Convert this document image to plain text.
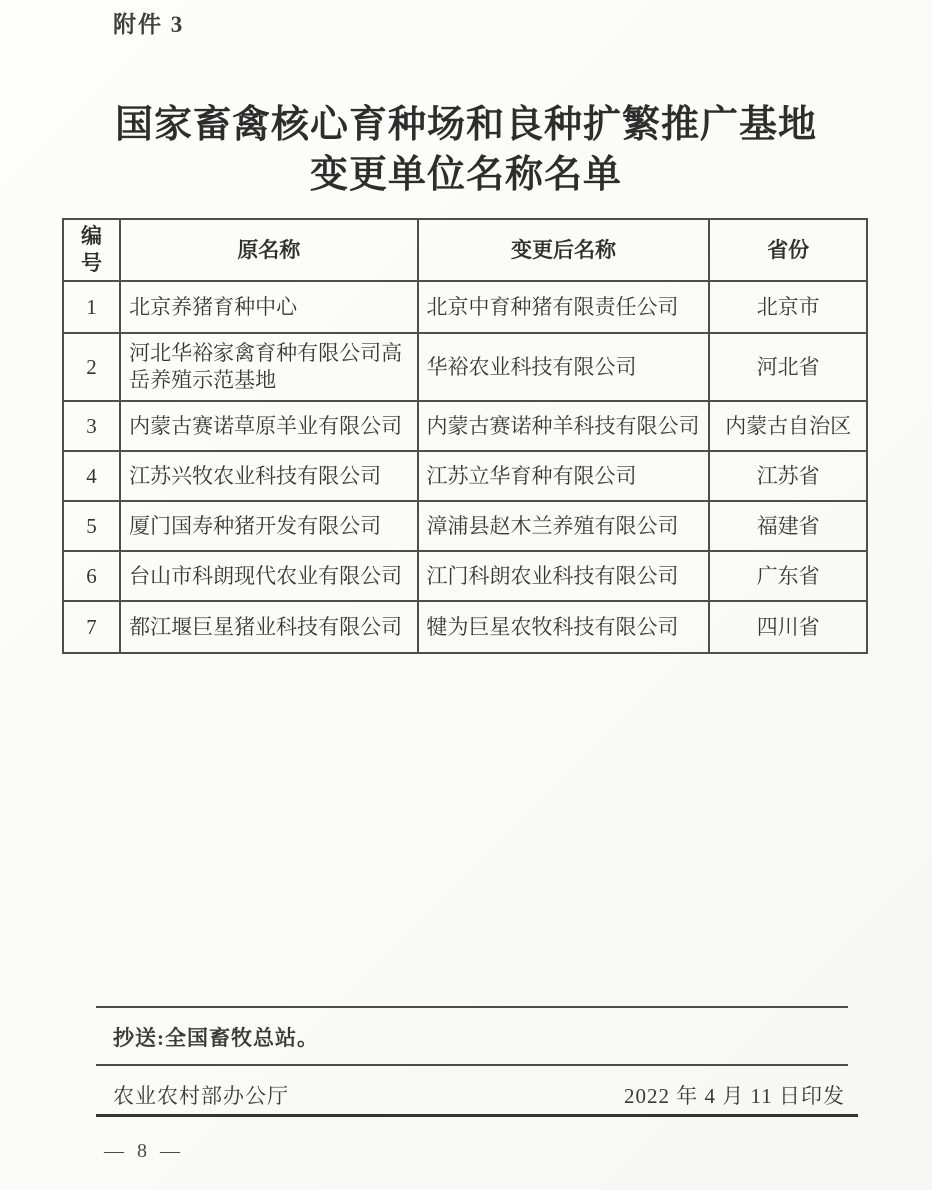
附件 3
国家畜禽核心育种场和良种扩繁推广基地
变更单位名称名单
编号	原名称	变更后名称	省份
1	北京养猪育种中心	北京中育种猪有限责任公司	北京市
2	河北华裕家禽育种有限公司高岳养殖示范基地	华裕农业科技有限公司	河北省
3	内蒙古赛诺草原羊业有限公司	内蒙古赛诺种羊科技有限公司	内蒙古自治区
4	江苏兴牧农业科技有限公司	江苏立华育种有限公司	江苏省
5	厦门国寿种猪开发有限公司	漳浦县赵木兰养殖有限公司	福建省
6	台山市科朗现代农业有限公司	江门科朗农业科技有限公司	广东省
7	都江堰巨星猪业科技有限公司	犍为巨星农牧科技有限公司	四川省
抄送:全国畜牧总站。
农业农村部办公厅	2022 年 4 月 11 日印发
— 8 —
